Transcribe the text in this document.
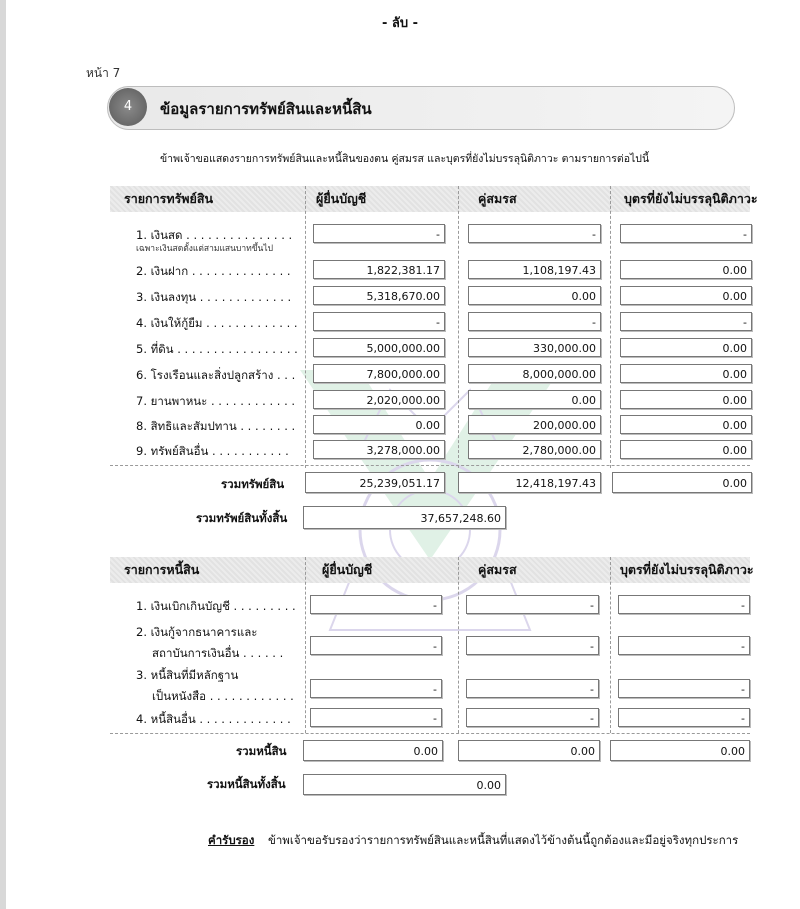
- ลับ -
หน้า 7
4	ข้อมูลรายการทรัพย์สินและหนี้สิน
ข้าพเจ้าขอแสดงรายการทรัพย์สินและหนี้สินของตน คู่สมรส และบุตรที่ยังไม่บรรลุนิติภาวะ ตามรายการต่อไปนี้
รายการทรัพย์สิน	ผู้ยื่นบัญชี	คู่สมรส	บุตรที่ยังไม่บรรลุนิติภาวะ
1. เงินสด . . . . . . . . . . . . . . .
เฉพาะเงินสดตั้งแต่สามแสนบาทขึ้นไป
-	-	-
2. เงินฝาก . . . . . . . . . . . . . .	1,822,381.17	1,108,197.43	0.00
3. เงินลงทุน . . . . . . . . . . . . .	5,318,670.00	0.00	0.00
4. เงินให้กู้ยืม . . . . . . . . . . . . .	-	-	-
5. ที่ดิน . . . . . . . . . . . . . . . . .	5,000,000.00	330,000.00	0.00
6. โรงเรือนและสิ่งปลูกสร้าง . . .	7,800,000.00	8,000,000.00	0.00
7. ยานพาหนะ . . . . . . . . . . . .	2,020,000.00	0.00	0.00
8. สิทธิและสัมปทาน . . . . . . . .	0.00	200,000.00	0.00
9. ทรัพย์สินอื่น . . . . . . . . . . .	3,278,000.00	2,780,000.00	0.00
รวมทรัพย์สิน	25,239,051.17	12,418,197.43	0.00
รวมทรัพย์สินทั้งสิ้น	37,657,248.60
รายการหนี้สิน	ผู้ยื่นบัญชี	คู่สมรส	บุตรที่ยังไม่บรรลุนิติภาวะ
1. เงินเบิกเกินบัญชี . . . . . . . . .	-	-	-
2. เงินกู้จากธนาคารและ
สถาบันการเงินอื่น . . . . . .	-	-	-
3. หนี้สินที่มีหลักฐาน
เป็นหนังสือ . . . . . . . . . . . .	-	-	-
4. หนี้สินอื่น . . . . . . . . . . . . .	-	-	-
รวมหนี้สิน	0.00	0.00	0.00
รวมหนี้สินทั้งสิ้น	0.00
คำรับรอง ข้าพเจ้าขอรับรองว่ารายการทรัพย์สินและหนี้สินที่แสดงไว้ข้างต้นนี้ถูกต้องและมีอยู่จริงทุกประการ
